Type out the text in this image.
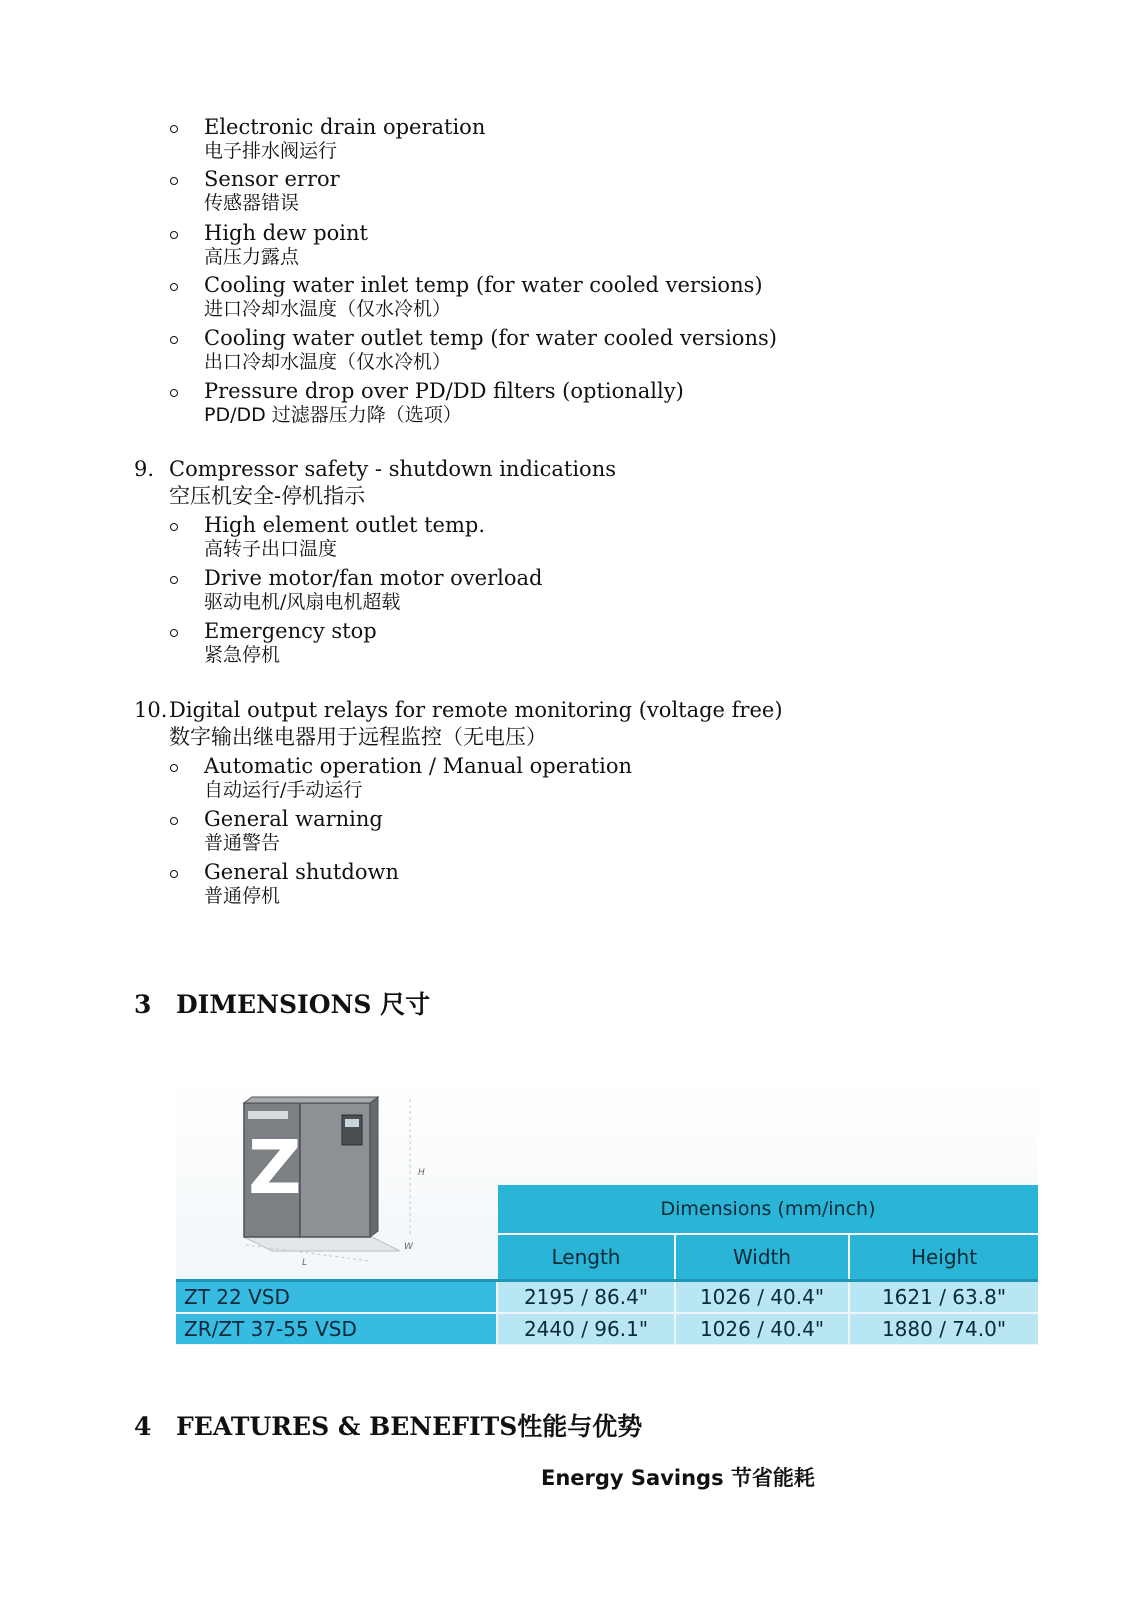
Electronic drain operation
电子排水阀运行
Sensor error
传感器错误
High dew point
高压力露点
Cooling water inlet temp (for water cooled versions)
进口冷却水温度（仅水冷机）
Cooling water outlet temp (for water cooled versions)
出口冷却水温度（仅水冷机）
Pressure drop over PD/DD filters (optionally)
PD/DD 过滤器压力降（选项）
9. Compressor safety - shutdown indications
空压机安全-停机指示
High element outlet temp.
高转子出口温度
Drive motor/fan motor overload
驱动电机/风扇电机超载
Emergency stop
紧急停机
10. Digital output relays for remote monitoring (voltage free)
数字输出继电器用于远程监控（无电压）
Automatic operation / Manual operation
自动运行/手动运行
General warning
普通警告
General shutdown
普通停机
3 DIMENSIONS 尺寸
Z	H
L
W
Dimensions (mm/inch)
Length	Width	Height
ZT 22 VSD	2195 / 86.4"	1026 / 40.4"	1621 / 63.8"
ZR/ZT 37-55 VSD	2440 / 96.1"	1026 / 40.4"	1880 / 74.0"
4 FEATURES & BENEFITS性能与优势
Energy Savings 节省能耗
